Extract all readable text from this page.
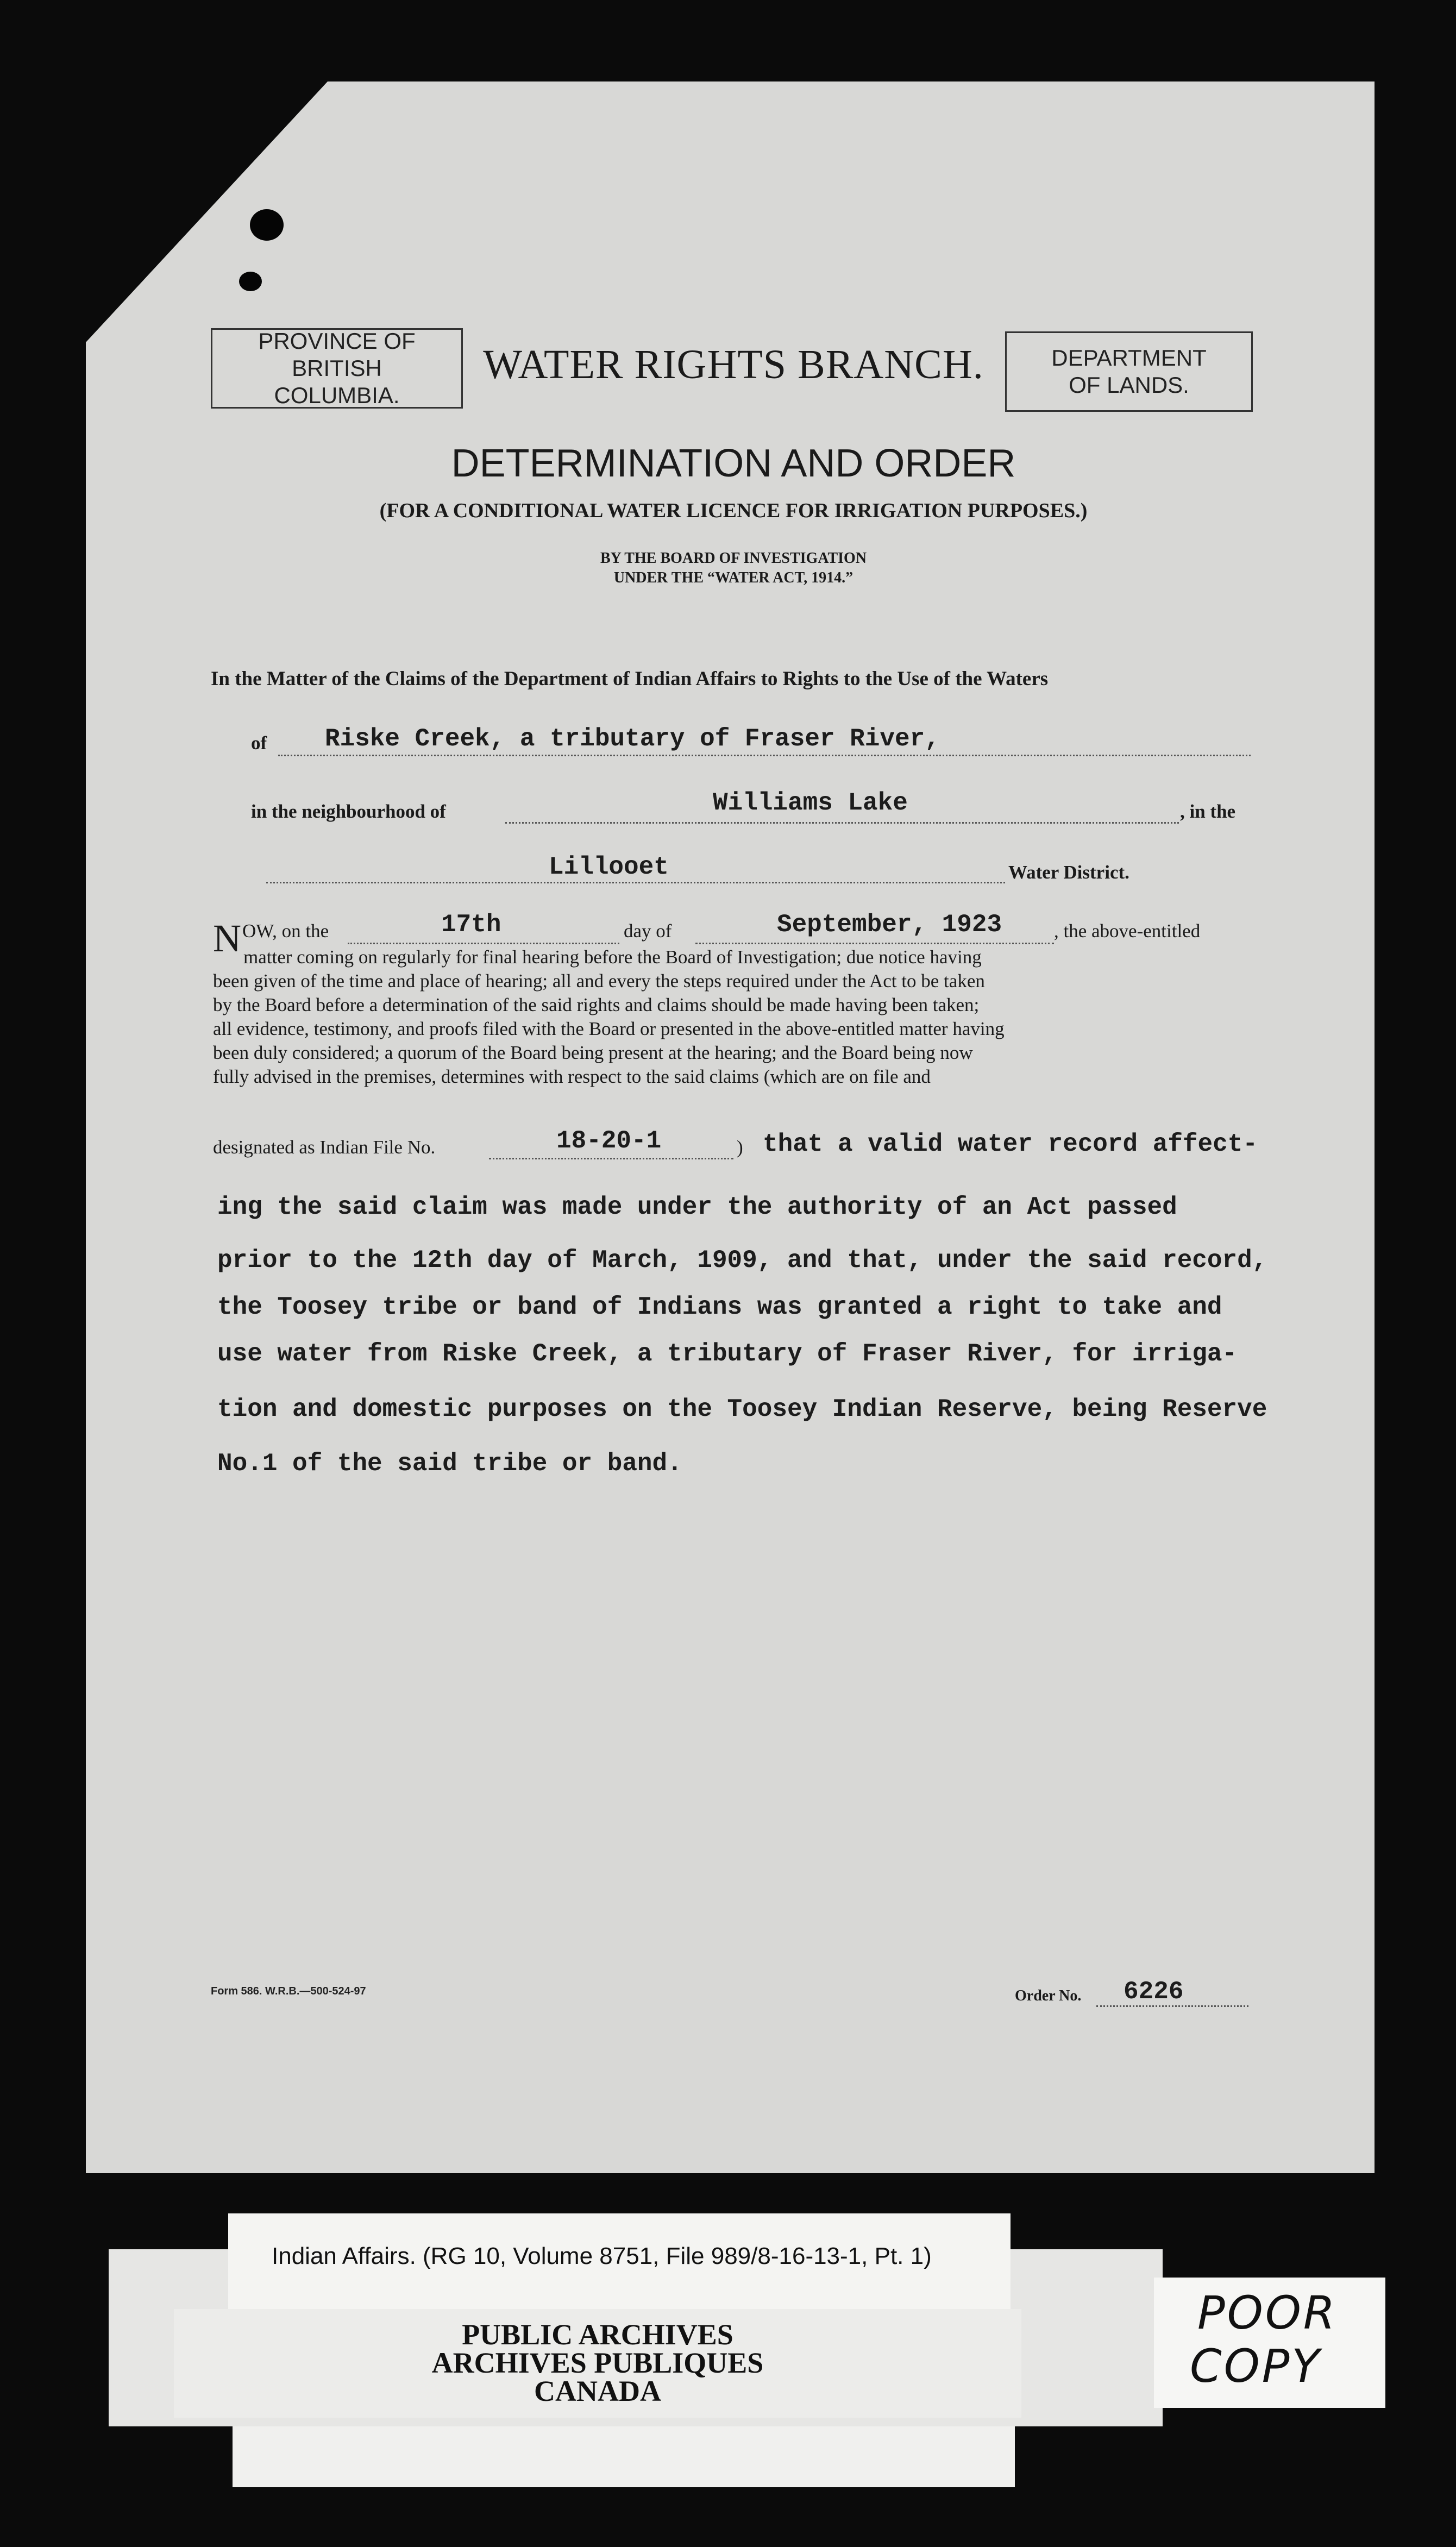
PROVINCE OF BRITISH COLUMBIA.
WATER RIGHTS BRANCH.	DEPARTMENT OF LANDS.
DETERMINATION AND ORDER
(FOR A CONDITIONAL WATER LICENCE FOR IRRIGATION PURPOSES.)
BY THE BOARD OF INVESTIGATION
UNDER THE “WATER ACT, 1914.”
In the Matter of the Claims of the Department of Indian Affairs to Rights to the Use of the Waters
of Riske Creek, a tributary of Fraser River,
in the neighbourhood of	Williams Lake	, in the
Lillooet	Water District.
N OW, on the	17th	day of	September, 1923	, the above-entitled
matter coming on regularly for final hearing before the Board of Investigation; due notice having
been given of the time and place of hearing; all and every the steps required under the Act to be taken
by the Board before a determination of the said rights and claims should be made having been taken;
all evidence, testimony, and proofs filed with the Board or presented in the above-entitled matter having
been duly considered; a quorum of the Board being present at the hearing; and the Board being now
fully advised in the premises, determines with respect to the said claims (which are on file and
designated as Indian File No.	18-20-1	) that a valid water record affect-
ing the said claim was made under the authority of an Act passed
prior to the 12th day of March, 1909, and that, under the said record,
the Toosey tribe or band of Indians was granted a right to take and
use water from Riske Creek, a tributary of Fraser River, for irriga-
tion and domestic purposes on the Toosey Indian Reserve, being Reserve
No.1 of the said tribe or band.
Form 586. W.R.B.—500-524-97	Order No. 6226
Indian Affairs. (RG 10, Volume 8751, File 989/8-16-13-1, Pt. 1)
PUBLIC ARCHIVES
ARCHIVES PUBLIQUES
CANADA
POOR
COPY
